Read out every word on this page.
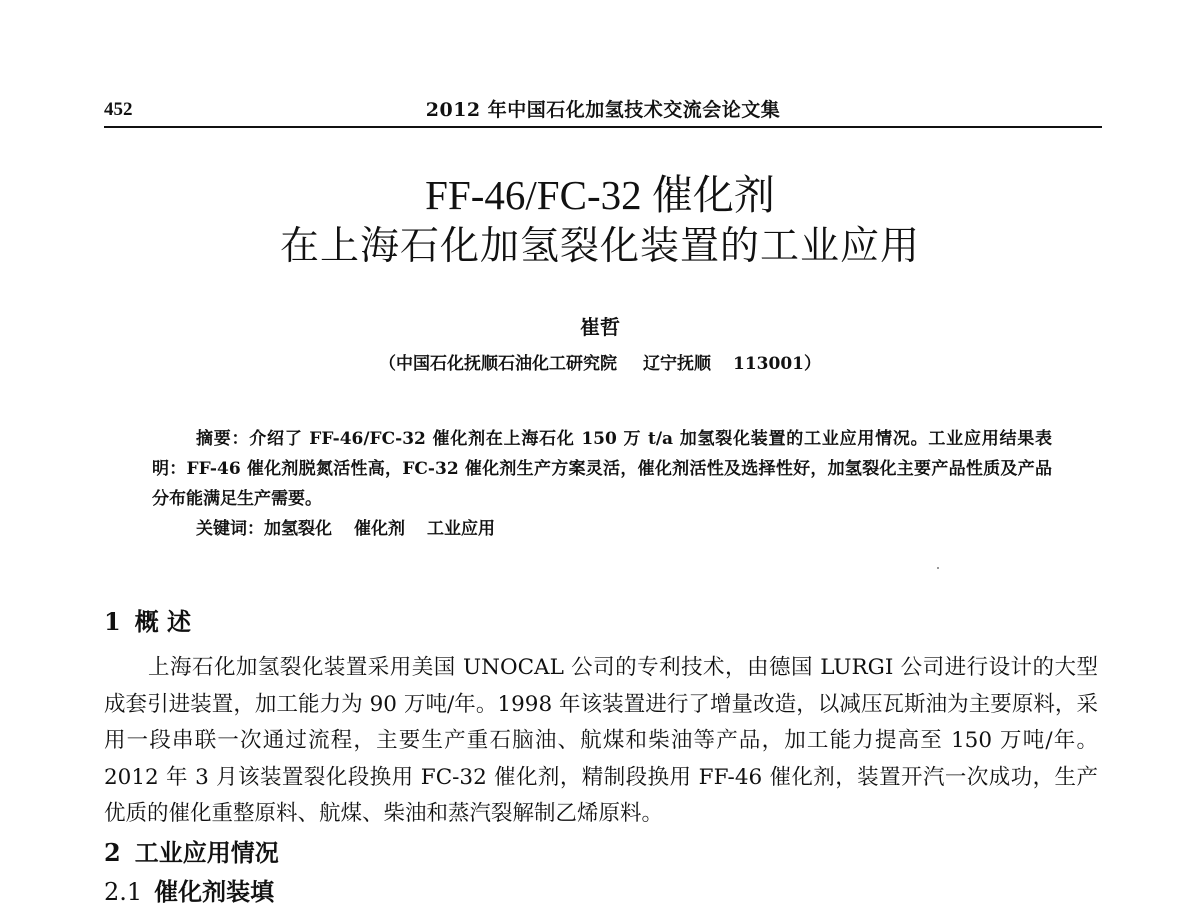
452	2012 年中国石化加氢技术交流会论文集
FF-46/FC-32 催化剂
在上海石化加氢裂化装置的工业应用
崔哲
（中国石化抚顺石油化工研究院 辽宁抚顺 113001）

摘要：介绍了 FF-46/FC-32 催化剂在上海石化 150 万 t/a 加氢裂化装置的工业应用情况。工业应用结果表明：FF-46 催化剂脱氮活性高，FC-32 催化剂生产方案灵活，催化剂活性及选择性好，加氢裂化主要产品性质及产品分布能满足生产需要。

关键词：加氢裂化 催化剂 工业应用

1 概 述

上海石化加氢裂化装置采用美国 UNOCAL 公司的专利技术，由德国 LURGI 公司进行设计的大型成套引进装置，加工能力为 90 万吨/年。1998 年该装置进行了增量改造，以减压瓦斯油为主要原料，采用一段串联一次通过流程，主要生产重石脑油、航煤和柴油等产品，加工能力提高至 150 万吨/年。2012 年 3 月该装置裂化段换用 FC-32 催化剂，精制段换用 FF-46 催化剂，装置开汽一次成功，生产优质的催化重整原料、航煤、柴油和蒸汽裂解制乙烯原料。

2 工业应用情况
2.1 催化剂装填
